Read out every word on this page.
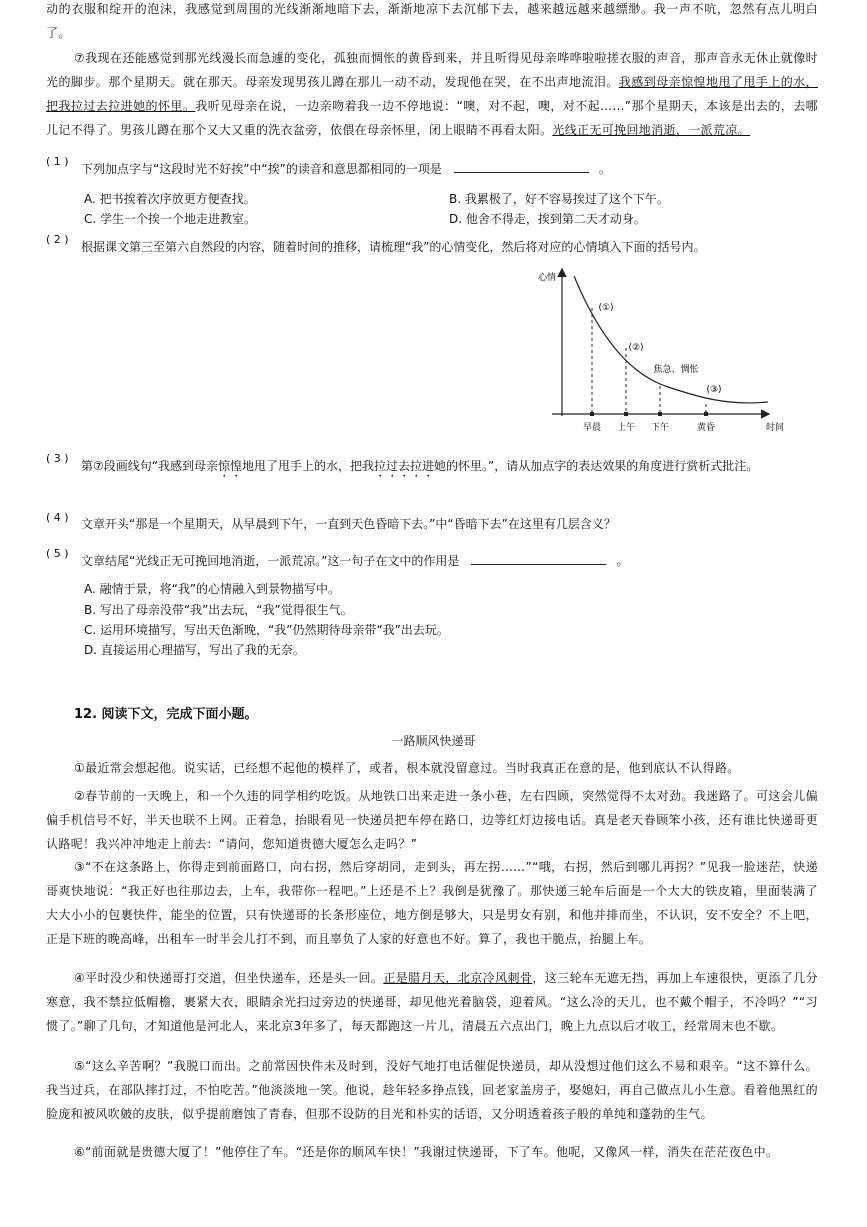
动的衣服和绽开的泡沫，我感觉到周围的光线渐渐地暗下去，渐渐地凉下去沉郁下去，越来越远越来越缥缈。我一声不吭，忽然有点儿明白了。

⑦我现在还能感觉到那光线漫长而急遽的变化，孤独而惆怅的黄昏到来，并且听得见母亲哗哗啦啦搓衣服的声音，那声音永无休止就像时光的脚步。那个星期天。就在那天。母亲发现男孩儿蹲在那儿一动不动，发现他在哭，在不出声地流泪。我感到母亲惊惶地甩了甩手上的水，把我拉过去拉进她的怀里。我听见母亲在说，一边亲吻着我一边不停地说：“噢，对不起，噢，对不起……”那个星期天，本该是出去的，去哪儿记不得了。男孩儿蹲在那个又大又重的洗衣盆旁，依偎在母亲怀里，闭上眼睛不再看太阳。光线正无可挽回地消逝，一派荒凉。

( 1 )
下列加点字与“这段时光不好挨”中“挨”的读音和意思都相同的一项是	。
A. 把书挨着次序放更方便查找。	B. 我累极了，好不容易挨过了这个下午。
C. 学生一个挨一个地走进教室。	D. 他舍不得走，挨到第二天才动身。
( 2 )
根据课文第三至第六自然段的内容，随着时间的推移，请梳理“我”的心情变化，然后将对应的心情填入下面的括号内。
心情
时间
早晨 上午 下午	黄昏
(①)
(②)
焦急、惆怅
(③)
( 3 )
第⑦段画线句“我感到母亲惊惶地甩了甩手上的水，把我拉过去拉进她的怀里。”，请从加点字的表达效果的角度进行赏析式批注。
( 4 ) 文章开头“那是一个星期天，从早晨到下午，一直到天色昏暗下去。”中“昏暗下去”在这里有几层含义？
( 5 )
文章结尾“光线正无可挽回地消逝，一派荒凉。”这一句子在文中的作用是	。
A. 融情于景，将“我”的心情融入到景物描写中。
B. 写出了母亲没带“我”出去玩，“我”觉得很生气。
C. 运用环境描写，写出天色渐晚，“我”仍然期待母亲带“我”出去玩。
D. 直接运用心理描写，写出了我的无奈。
12. 阅读下文，完成下面小题。
一路顺风快递哥

①最近常会想起他。说实话，已经想不起他的模样了，或者，根本就没留意过。当时我真正在意的是，他到底认不认得路。

②春节前的一天晚上，和一个久违的同学相约吃饭。从地铁口出来走进一条小巷，左右四顾，突然觉得不太对劲。我迷路了。可这会儿偏偏手机信号不好，半天也联不上网。正着急，抬眼看见一快递员把车停在路口，边等红灯边接电话。真是老天眷顾笨小孩，还有谁比快递哥更认路呢！我兴冲冲地走上前去：“请问，您知道贵德大厦怎么走吗？”

③“不在这条路上，你得走到前面路口，向右拐，然后穿胡同，走到头，再左拐……”“哦，右拐，然后到哪儿再拐？”见我一脸迷茫，快递哥爽快地说：“我正好也往那边去，上车，我带你一程吧。”上还是不上？我倒是犹豫了。那快递三轮车后面是一个大大的铁皮箱，里面装满了大大小小的包裹快件，能坐的位置，只有快递哥的长条形座位，地方倒是够大，只是男女有别，和他并排而坐，不认识，安不安全？不上吧，正是下班的晚高峰，出租车一时半会儿打不到，而且辜负了人家的好意也不好。算了，我也干脆点，抬腿上车。

④平时没少和快递哥打交道，但坐快递车，还是头一回。正是腊月天，北京冷风刺骨，这三轮车无遮无挡，再加上车速很快，更添了几分寒意，我不禁拉低帽檐，裹紧大衣，眼睛余光扫过旁边的快递哥，却见他光着脑袋，迎着风。“这么冷的天儿，也不戴个帽子，不冷吗？”“习惯了。”聊了几句，才知道他是河北人，来北京3年多了，每天都跑这一片儿，清晨五六点出门，晚上九点以后才收工，经常周末也不歇。

⑤“这么辛苦啊？”我脱口而出。之前常因快件未及时到，没好气地打电话催促快递员，却从没想过他们这么不易和艰辛。“这不算什么。我当过兵，在部队摔打过，不怕吃苦。”他淡淡地一笑。他说，趁年轻多挣点钱，回老家盖房子，娶媳妇，再自己做点儿小生意。看着他黑红的脸庞和被风吹皴的皮肤，似乎提前磨蚀了青春，但那不设防的目光和朴实的话语，又分明透着孩子般的单纯和蓬勃的生气。

⑥“前面就是贵德大厦了！”他停住了车。“还是你的顺风车快！”我谢过快递哥，下了车。他呢，又像风一样，消失在茫茫夜色中。
